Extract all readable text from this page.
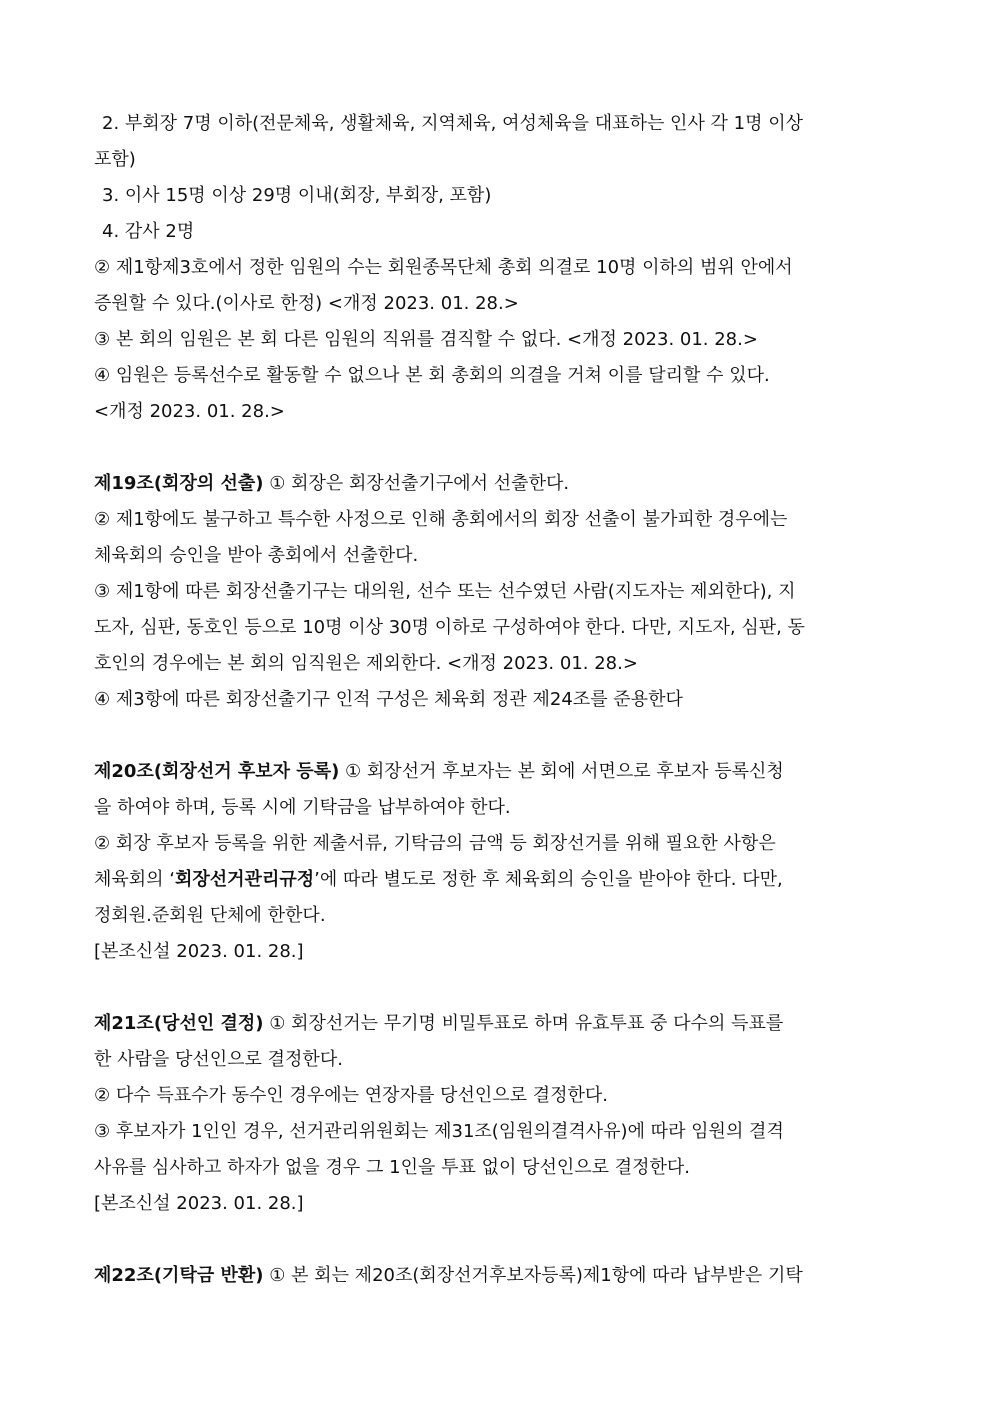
2. 부회장 7명 이하(전문체육, 생활체육, 지역체육, 여성체육을 대표하는 인사 각 1명 이상
포함)
3. 이사 15명 이상 29명 이내(회장, 부회장, 포함)
4. 감사 2명
② 제1항제3호에서 정한 임원의 수는 회원종목단체 총회 의결로 10명 이하의 범위 안에서
증원할 수 있다.(이사로 한정) <개정 2023. 01. 28.>
③ 본 회의 임원은 본 회 다른 임원의 직위를 겸직할 수 없다. <개정 2023. 01. 28.>
④ 임원은 등록선수로 활동할 수 없으나 본 회 총회의 의결을 거쳐 이를 달리할 수 있다.
<개정 2023. 01. 28.>
제19조(회장의 선출) ① 회장은 회장선출기구에서 선출한다.
② 제1항에도 불구하고 특수한 사정으로 인해 총회에서의 회장 선출이 불가피한 경우에는
체육회의 승인을 받아 총회에서 선출한다.
③ 제1항에 따른 회장선출기구는 대의원, 선수 또는 선수였던 사람(지도자는 제외한다), 지
도자, 심판, 동호인 등으로 10명 이상 30명 이하로 구성하여야 한다. 다만, 지도자, 심판, 동
호인의 경우에는 본 회의 임직원은 제외한다. <개정 2023. 01. 28.>
④ 제3항에 따른 회장선출기구 인적 구성은 체육회 정관 제24조를 준용한다
제20조(회장선거 후보자 등록) ① 회장선거 후보자는 본 회에 서면으로 후보자 등록신청
을 하여야 하며, 등록 시에 기탁금을 납부하여야 한다.
② 회장 후보자 등록을 위한 제출서류, 기탁금의 금액 등 회장선거를 위해 필요한 사항은
체육회의 ‘회장선거관리규정’에 따라 별도로 정한 후 체육회의 승인을 받아야 한다. 다만,
정회원.준회원 단체에 한한다.
[본조신설 2023. 01. 28.]
제21조(당선인 결정) ① 회장선거는 무기명 비밀투표로 하며 유효투표 중 다수의 득표를
한 사람을 당선인으로 결정한다.
② 다수 득표수가 동수인 경우에는 연장자를 당선인으로 결정한다.
③ 후보자가 1인인 경우, 선거관리위원회는 제31조(임원의결격사유)에 따라 임원의 결격
사유를 심사하고 하자가 없을 경우 그 1인을 투표 없이 당선인으로 결정한다.
[본조신설 2023. 01. 28.]
제22조(기탁금 반환) ① 본 회는 제20조(회장선거후보자등록)제1항에 따라 납부받은 기탁
